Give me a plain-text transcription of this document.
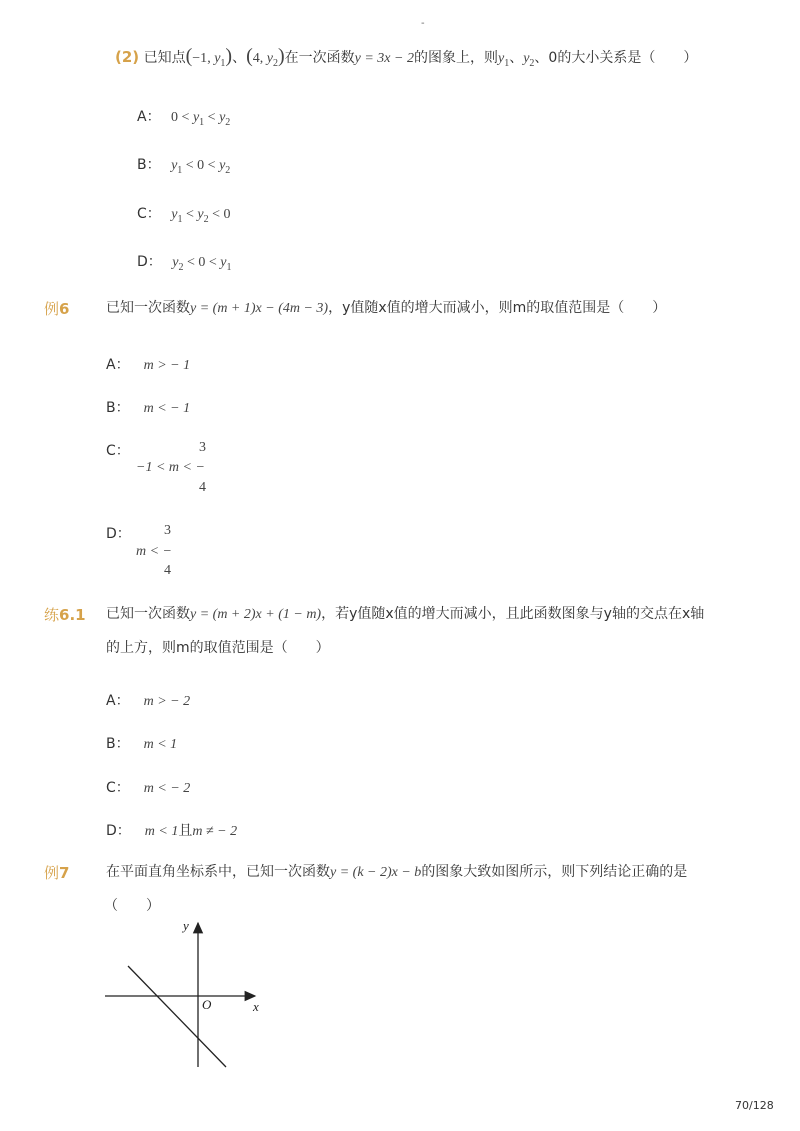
-
(2) 已知点(−1, $y_1$)、(4, $y_2$)在一次函数y = 3x − 2的图象上，则$y_1$、$y_2$、0的大小关系是（　　）
A： $0 < y_1 < y_2$
B： $y_1 < 0 < y_2$
C： $y_1 < y_2 < 0$
D： $y_2 < 0 < y_1$
例6	已知一次函数y = (m + 1)x − (4m − 3)，y值随x值的增大而减小，则m的取值范围是（　　）
A： m > − 1
B： m < − 1
C：
−1 < m < −
3
4
D：
m < −
3
4
练6.1 已知一次函数y = (m + 2)x + (1 − m)，若y值随x值的增大而减小，且此函数图象与y轴的交点在x轴
的上方，则m的取值范围是（　　）
A： m > − 2
B： m < 1
C： m < − 2
D： m < 1且m ≠ − 2
例7	在平面直角坐标系中，已知一次函数y = (k − 2)x − b的图象大致如图所示，则下列结论正确的是
（　　）
y
x
O
70/128
